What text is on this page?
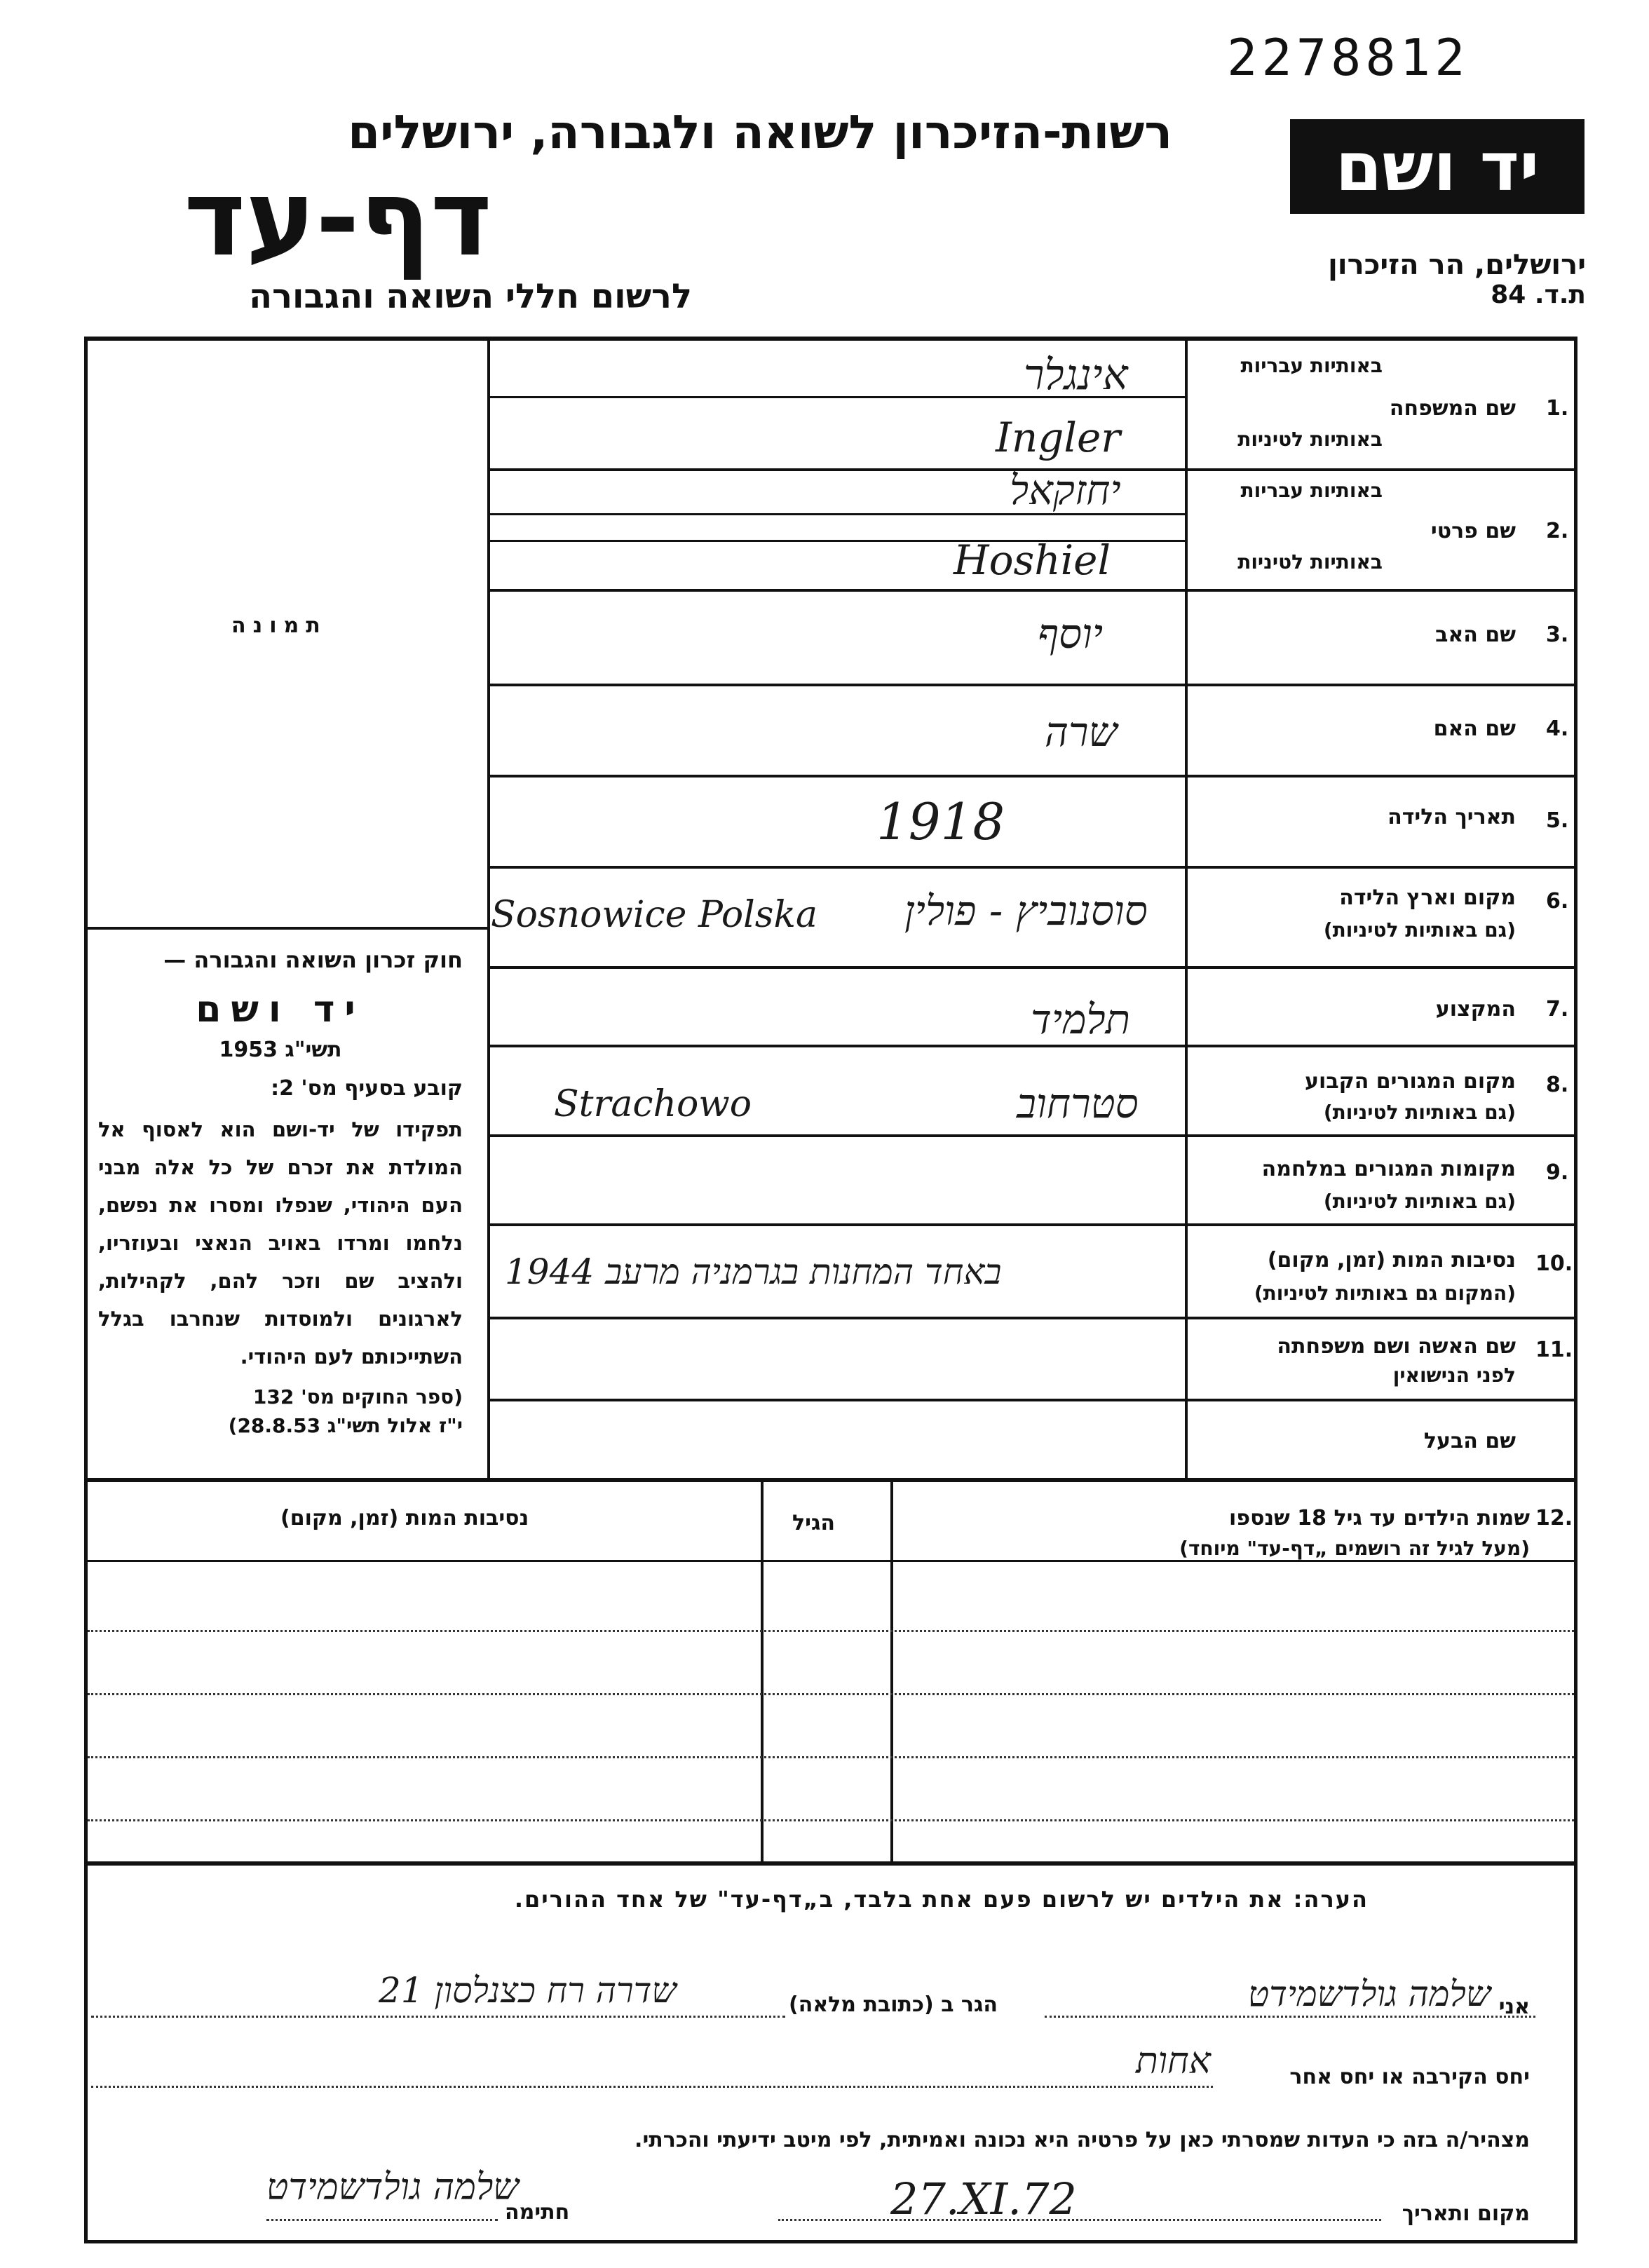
2278812
רשות-הזיכרון לשואה ולגבורה, ירושלים
דף-עד
לרשום חללי השואה והגבורה
יד ושם
ירושלים, הר הזיכרון
ת.ד. 84
תמונה
חוק זכרון השואה והגבורה —
יד ושם
תשי"ג 1953
קובע בסעיף מס' 2:
תפקידו של יד-ושם הוא לאסוף אל המולדת את זכרם של כל אלה מבני העם היהודי, שנפלו ומסרו את נפשם, נלחמו ומרדו באויב הנאצי ובעוזריו, ולהציב שם וזכר להם, לקהילות, לארגונים ולמוסדות שנחרבו בגלל השתייכותם לעם היהודי.
(ספר החוקים מס' 132
י"ז אלול תשי"ג 28.8.53)
באותיות עבריות
1.
שם המשפחה
באותיות לטיניות
באותיות עבריות
2.
שם פרטי
באותיות לטיניות
3.
שם האב
4.
שם האם
5.
תאריך הלידה
6.
מקום וארץ הלידה
(גם באותיות לטיניות)
7.
המקצוע
8.
מקום המגורים הקבוע
(גם באותיות לטיניות)
9.
מקומות המגורים במלחמה
(גם באותיות לטיניות)
10.
נסיבות המות (זמן, מקום)
(המקום גם באותיות לטיניות)
11.
שם האשה ושם משפחתה
לפני הנישואין
שם הבעל
אינגלר
Ingler
יחזקאל
Hoshiel
יוסף
שרה
1918
סוסנוביץ - פולין
Sosnowice Polska
תלמיד
סטרחוב
Strachowo
באחד המחנות בגרמניה מרעב 1944
12.
שמות הילדים עד גיל 18 שנספו
(מעל לגיל זה רושמים „דף-עד" מיוחד)
הגיל
נסיבות המות (זמן, מקום)
הערה: את הילדים יש לרשום פעם אחת בלבד, ב„דף-עד" של אחד ההורים.
אני
שלמה גולדשמידט
הגר ב (כתובת מלאה)
שדרה רח כצנלסון 21
יחס הקירבה או יחס אחר
אחות
מצהיר/ה בזה כי העדות שמסרתי כאן על פרטיה היא נכונה ואמיתית, לפי מיטב ידיעתי והכרתי.
מקום ותאריך
27.XI.72
חתימה
שלמה גולדשמידט
